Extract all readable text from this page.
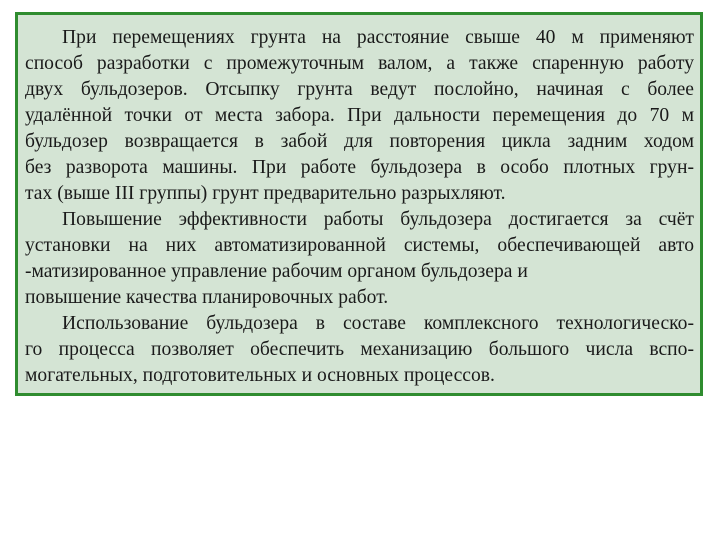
При перемещениях грунта на расстояние свыше 40 м применяют
способ разработки с промежуточным валом, а также спаренную работу
двух бульдозеров. Отсыпку грунта ведут послойно, начиная с более
удалённой точки от места забора. При дальности перемещения до 70 м
бульдозер возвращается в забой для повторения цикла задним ходом
без разворота машины. При работе бульдозера в особо плотных грун-
тах (выше III группы) грунт предварительно разрыхляют.
Повышение эффективности работы бульдозера достигается за счёт
установки на них автоматизированной системы, обеспечивающей авто
-матизированное управление рабочим органом бульдозера и
повышение качества планировочных работ.
Использование бульдозера в составе комплексного технологическо-
го процесса позволяет обеспечить механизацию большого числа вспо-
могательных, подготовительных и основных процессов.
